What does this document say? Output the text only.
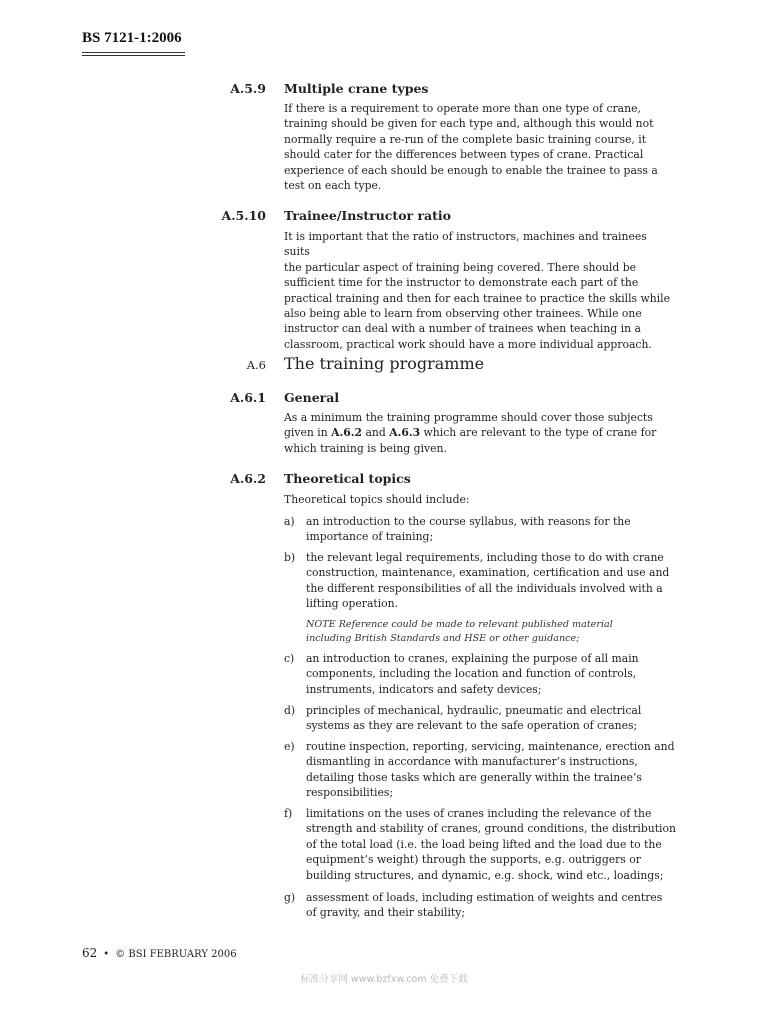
BS 7121-1:2006
A.5.9 Multiple crane types
If there is a requirement to operate more than one type of crane,
training should be given for each type and, although this would not
normally require a re-run of the complete basic training course, it
should cater for the differences between types of crane. Practical
experience of each should be enough to enable the trainee to pass a
test on each type.
A.5.10 Trainee/Instructor ratio
It is important that the ratio of instructors, machines and trainees suits
the particular aspect of training being covered. There should be
sufficient time for the instructor to demonstrate each part of the
practical training and then for each trainee to practice the skills while
also being able to learn from observing other trainees. While one
instructor can deal with a number of trainees when teaching in a
classroom, practical work should have a more individual approach.
A.6 The training programme
A.6.1 General
As a minimum the training programme should cover those subjects
given in A.6.2 and A.6.3 which are relevant to the type of crane for
which training is being given.
A.6.2 Theoretical topics
Theoretical topics should include:
a) an introduction to the course syllabus, with reasons for the
importance of training;
b) the relevant legal requirements, including those to do with crane
construction, maintenance, examination, certification and use and
the different responsibilities of all the individuals involved with a
lifting operation.
NOTE Reference could be made to relevant published material
including British Standards and HSE or other guidance;
c) an introduction to cranes, explaining the purpose of all main
components, including the location and function of controls,
instruments, indicators and safety devices;
d) principles of mechanical, hydraulic, pneumatic and electrical
systems as they are relevant to the safe operation of cranes;
e) routine inspection, reporting, servicing, maintenance, erection and
dismantling in accordance with manufacturer’s instructions,
detailing those tasks which are generally within the trainee’s
responsibilities;
f) limitations on the uses of cranes including the relevance of the
strength and stability of cranes, ground conditions, the distribution
of the total load (i.e. the load being lifted and the load due to the
equipment’s weight) through the supports, e.g. outriggers or
building structures, and dynamic, e.g. shock, wind etc., loadings;
g) assessment of loads, including estimation of weights and centres
of gravity, and their stability;
62 • © BSI FEBRUARY 2006
标准分享网 www.bzfxw.com 免费下载
